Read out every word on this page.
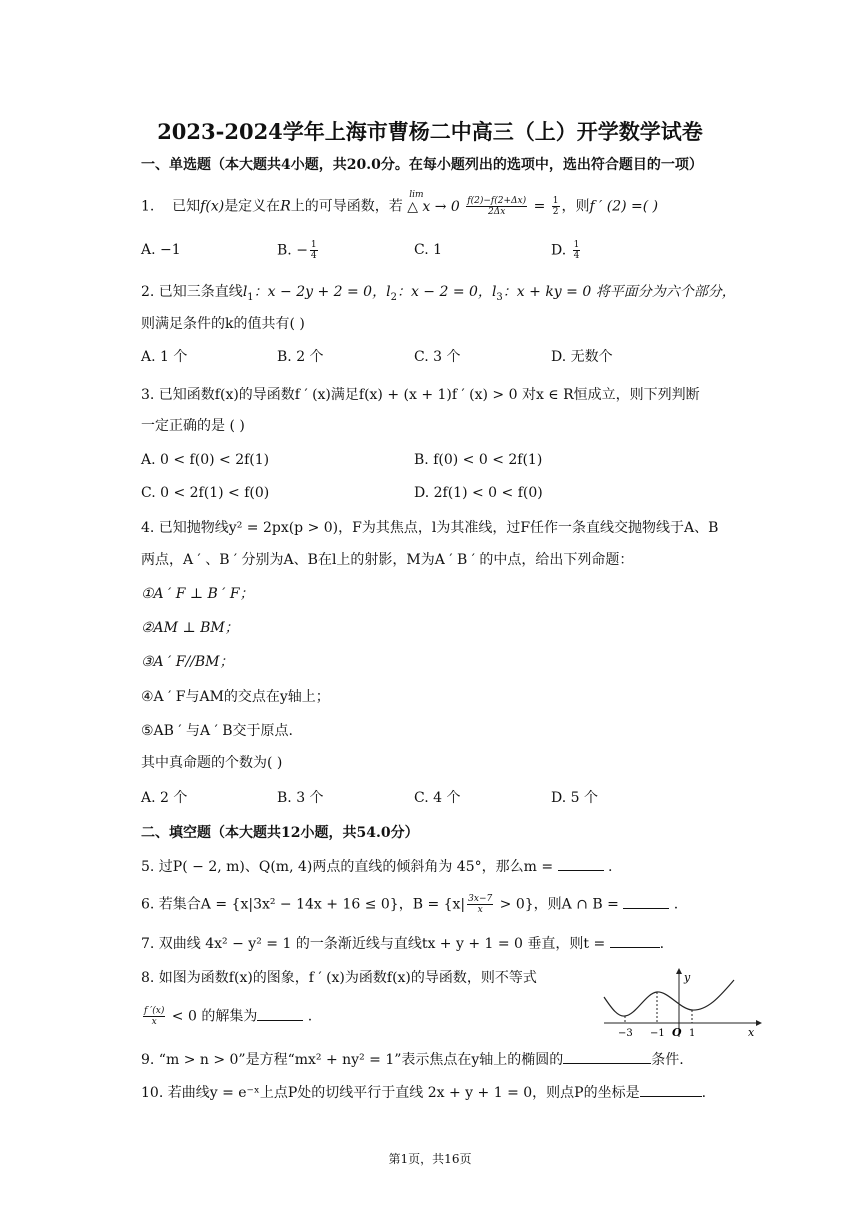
2023-2024学年上海市曹杨二中高三（上）开学数学试卷
一、单选题（本大题共4小题，共20.0分。在每小题列出的选项中，选出符合题目的一项）
1. 已知f(x)是定义在R上的可导函数，若
lim
△ $x \to 0 \frac{f(2)-f(2+\Delta x)}{2\Delta x} = \frac{1}{2}$ ，则f ′ (2) =( )
A. −1	B. − $\frac{1}{4}$	C. 1	D. $\frac{1}{4}$
2. 已知三条直线$l_1$：x − 2y + 2 = 0，$l_2$：x − 2 = 0，$l_3$：x + ky = 0 将平面分为六个部分，
则满足条件的k的值共有( )
A. 1 个	B. 2 个	C. 3 个	D. 无数个
3. 已知函数f(x)的导函数f ′ (x)满足f(x) + (x + 1)f ′ (x) > 0 对x ∈ R恒成立，则下列判断
一定正确的是 ( )
A. 0 < f(0) < 2f(1)	B. f(0) < 0 < 2f(1)
C. 0 < 2f(1) < f(0)	D. 2f(1) < 0 < f(0)
4. 已知抛物线y² = 2px(p > 0)，F为其焦点，l为其准线，过F任作一条直线交抛物线于A、B
两点，A ′ 、B ′ 分别为A、B在l上的射影，M为A ′ B ′ 的中点，给出下列命题：
①A ′ F ⊥ B ′ F；
②AM ⊥ BM；
③A ′ F//BM；
④A ′ F与AM的交点在y轴上；
⑤AB ′ 与A ′ B交于原点.
其中真命题的个数为( )
A. 2 个	B. 3 个	C. 4 个	D. 5 个
二、填空题（本大题共12小题，共54.0分）
5. 过P( − 2, m)、Q(m, 4)两点的直线的倾斜角为 45°，那么m =	.
6. 若集合A = {x|3x² − 14x + 16 ≤ 0}，$B = \{x| \frac{3x-7}{x} > 0\}$，则A ∩ B =	.
7. 双曲线 4x² − y² = 1 的一条渐近线与直线tx + y + 1 = 0 垂直，则t =	.
8. 如图为函数f(x)的图象，f ′ (x)为函数f(x)的导函数，则不等式
$\frac{f '(x)}{x} < 0$ 的解集为	.
y
x
O
−3 −1 1
9. “m > n > 0”是方程“mx² + ny² = 1”表示焦点在y轴上的椭圆的	条件.
10. 若曲线y = e⁻ˣ上点P处的切线平行于直线 2x + y + 1 = 0，则点P的坐标是	.
第1页，共16页
